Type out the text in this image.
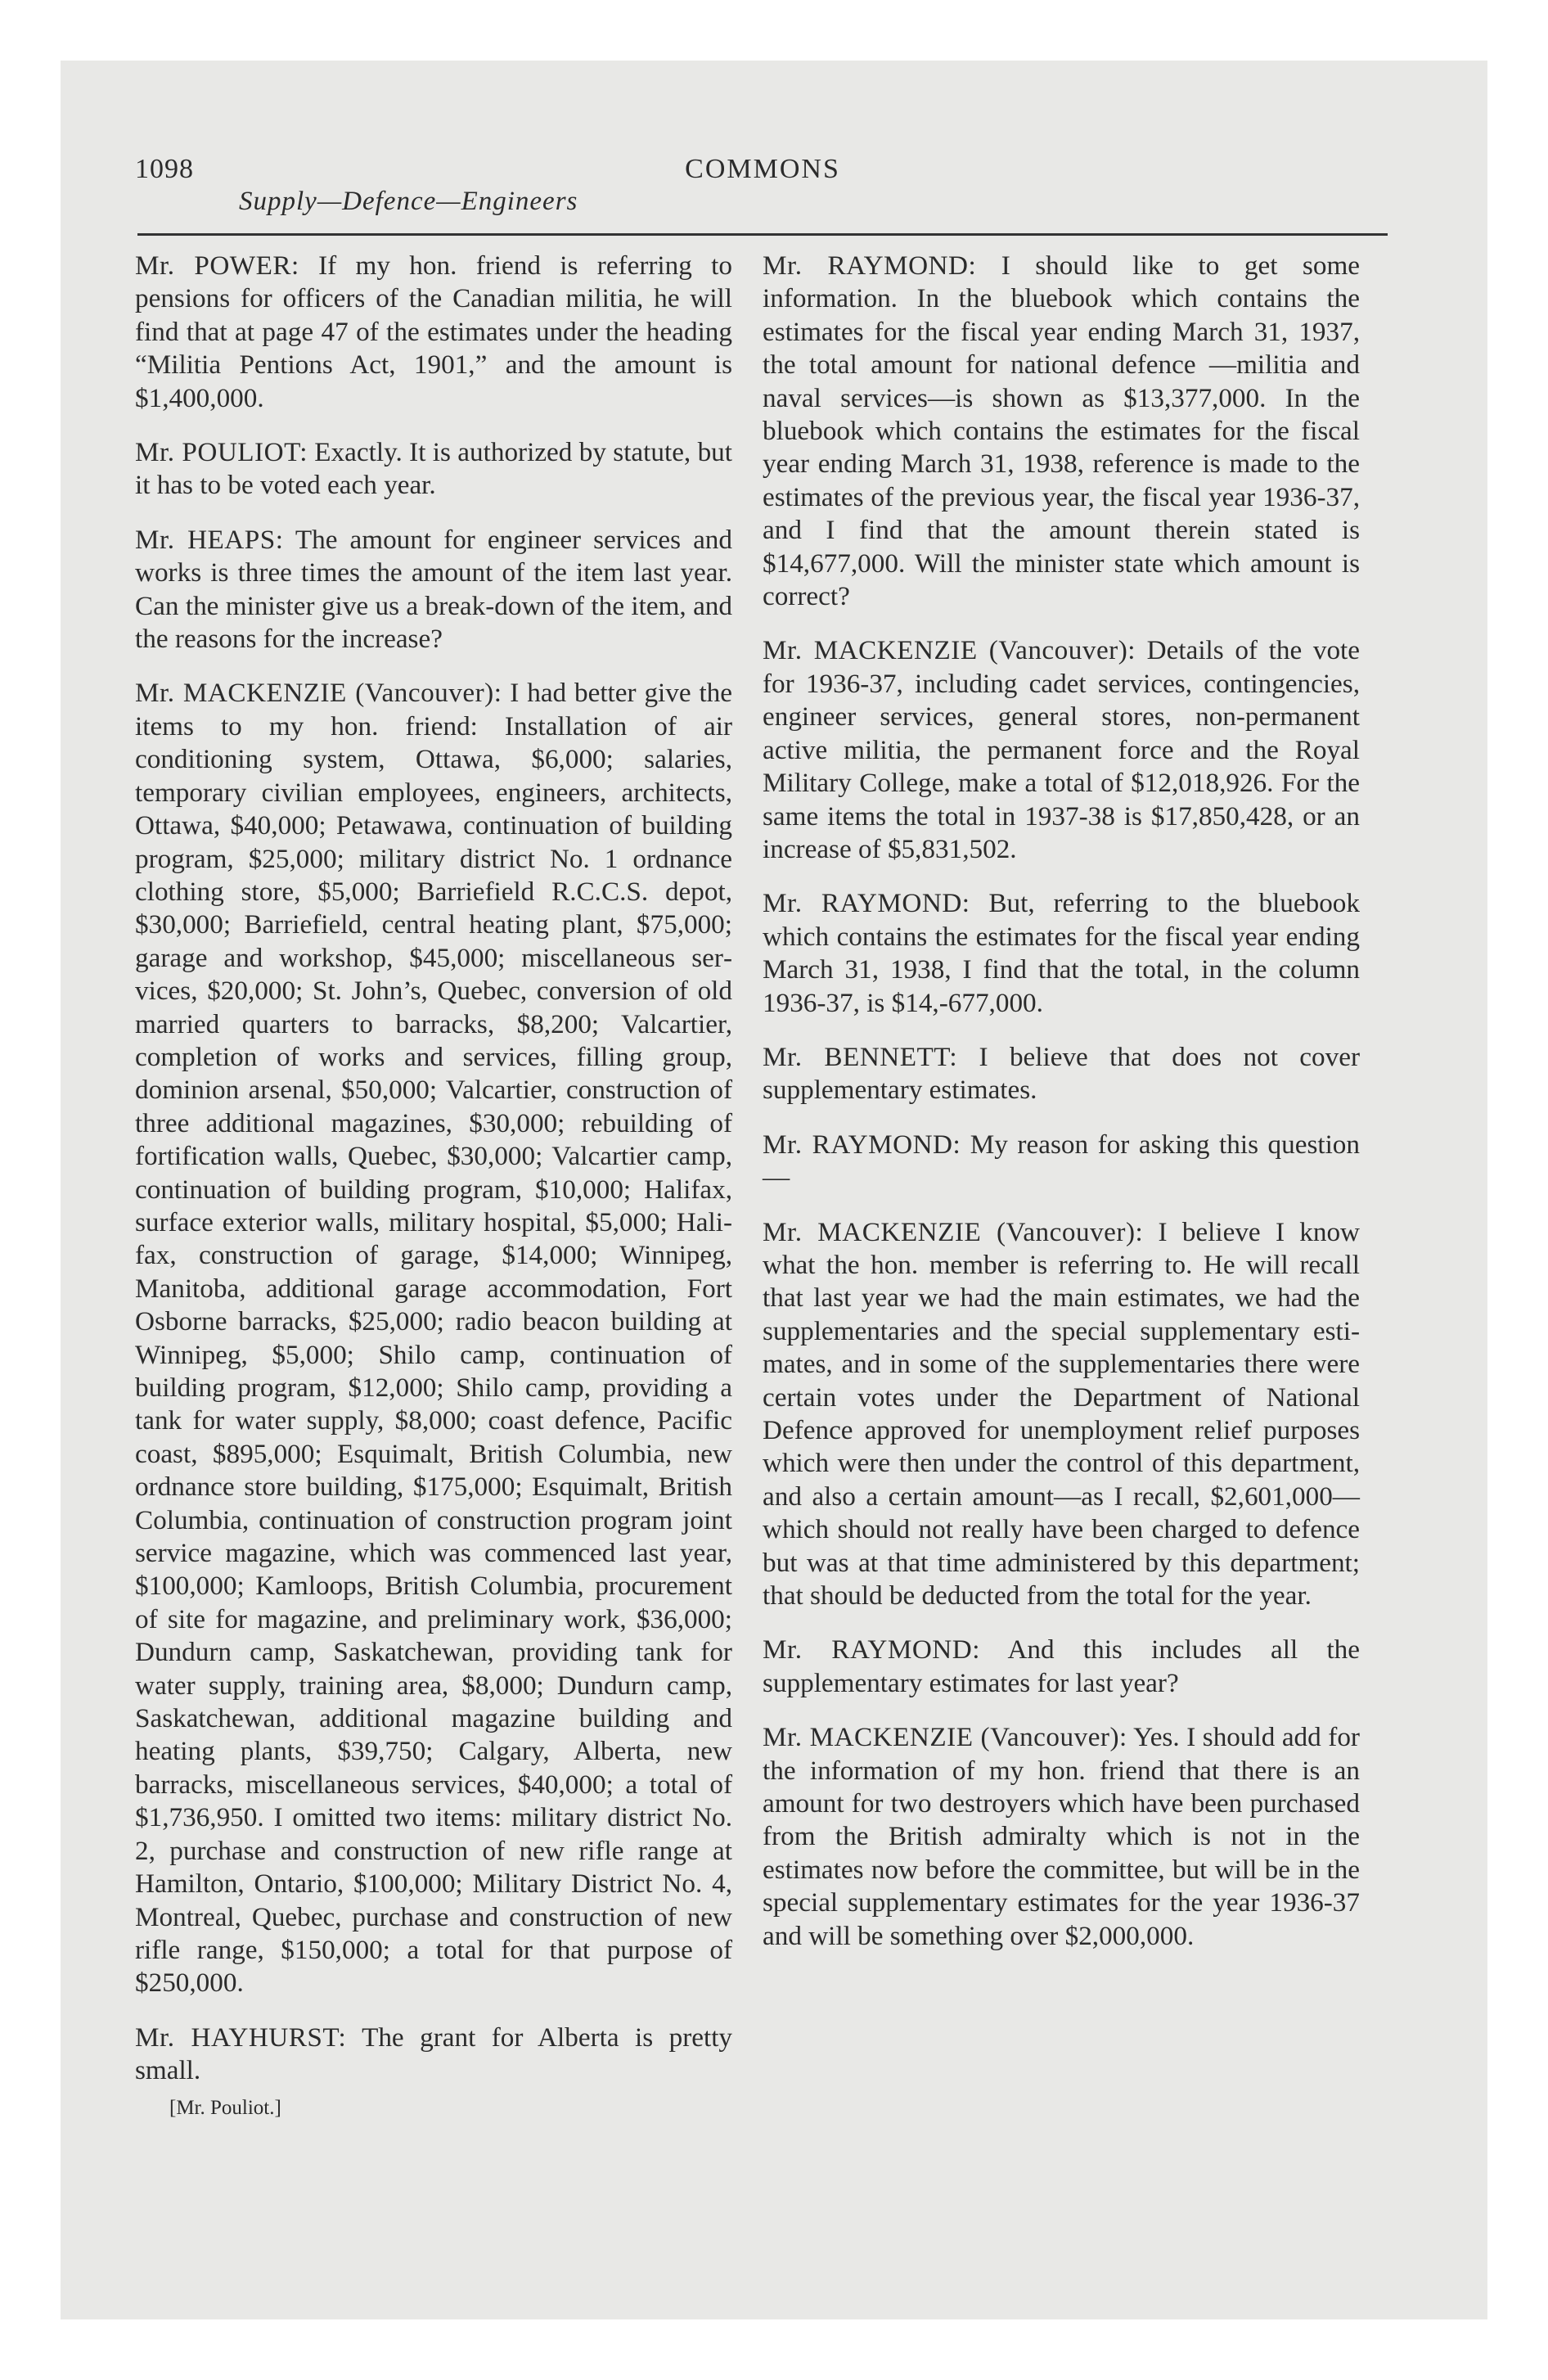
1098	COMMONS
Supply—Defence—Engineers

Mr. POWER: If my hon. friend is referring to pensions for officers of the Canadian militia, he will find that at page 47 of the estimates under the heading “Militia Pentions Act, 1901,” and the amount is $1,400,000.

Mr. POULIOT: Exactly. It is authorized by statute, but it has to be voted each year.

Mr. HEAPS: The amount for engineer services and works is three times the amount of the item last year. Can the minister give us a break-down of the item, and the reasons for the increase?

Mr. MACKENZIE (Vancouver): I had better give the items to my hon. friend: Installation of air conditioning system, Ottawa, $6,000; salaries, temporary civilian employees, engineers, architects, Ottawa, $40,000; Petawawa, continuation of building program, $25,000; military district No. 1 ordnance clothing store, $5,000; Barriefield R.C.C.S. depot, $30,000; Barriefield, central heating plant, $75,000; garage and workshop, $45,000; miscellaneous services, $20,000; St. John’s, Quebec, conversion of old married quarters to barracks, $8,200; Valcartier, completion of works and services, filling group, dominion arsenal, $50,000; Valcartier, construction of three additional magazines, $30,000; rebuilding of fortification walls, Quebec, $30,000; Valcartier camp, continuation of building program, $10,000; Halifax, surface exterior walls, military hospital, $5,000; Halifax, construction of garage, $14,000; Winnipeg, Manitoba, additional garage accommodation, Fort Osborne barracks, $25,000; radio beacon building at Winnipeg, $5,000; Shilo camp, continuation of building program, $12,000; Shilo camp, providing a tank for water supply, $8,000; coast defence, Pacific coast, $895,000; Esquimalt, British Columbia, new ordnance store building, $175,000; Esquimalt, British Columbia, continuation of construction program joint service magazine, which was commenced last year, $100,000; Kamloops, British Columbia, procurement of site for magazine, and preliminary work, $36,000; Dundurn camp, Saskatchewan, providing tank for water supply, training area, $8,000; Dundurn camp, Saskatchewan, additional magazine building and heating plants, $39,750; Calgary, Alberta, new barracks, miscellaneous services, $40,000; a total of $1,736,950. I omitted two items: military district No. 2, purchase and construction of new rifle range at Hamilton, Ontario, $100,000; Military District No. 4, Montreal, Quebec, purchase and construction of new rifle range, $150,000; a total for that purpose of $250,000.

Mr. HAYHURST: The grant for Alberta is pretty small.

[Mr. Pouliot.]

Mr. RAYMOND: I should like to get some information. In the bluebook which contains the estimates for the fiscal year ending March 31, 1937, the total amount for national defence —militia and naval services—is shown as $13,377,000. In the bluebook which contains the estimates for the fiscal year ending March 31, 1938, reference is made to the estimates of the previous year, the fiscal year 1936-37, and I find that the amount therein stated is $14,677,000. Will the minister state which amount is correct?

Mr. MACKENZIE (Vancouver): Details of the vote for 1936-37, including cadet services, contingencies, engineer services, general stores, non-permanent active militia, the permanent force and the Royal Military College, make a total of $12,018,926. For the same items the total in 1937-38 is $17,850,428, or an increase of $5,831,502.

Mr. RAYMOND: But, referring to the bluebook which contains the estimates for the fiscal year ending March 31, 1938, I find that the total, in the column 1936-37, is $14,-677,000.

Mr. BENNETT: I believe that does not cover supplementary estimates.

Mr. RAYMOND: My reason for asking this question—

Mr. MACKENZIE (Vancouver): I believe I know what the hon. member is referring to. He will recall that last year we had the main estimates, we had the supplementaries and the special supplementary estimates, and in some of the supplementaries there were certain votes under the Department of National Defence approved for unemployment relief purposes which were then under the control of this department, and also a certain amount—as I recall, $2,601,000— which should not really have been charged to defence but was at that time administered by this department; that should be deducted from the total for the year.

Mr. RAYMOND: And this includes all the supplementary estimates for last year?

Mr. MACKENZIE (Vancouver): Yes. I should add for the information of my hon. friend that there is an amount for two destroyers which have been purchased from the British admiralty which is not in the estimates now before the committee, but will be in the special supplementary estimates for the year 1936-37 and will be something over $2,000,000.
